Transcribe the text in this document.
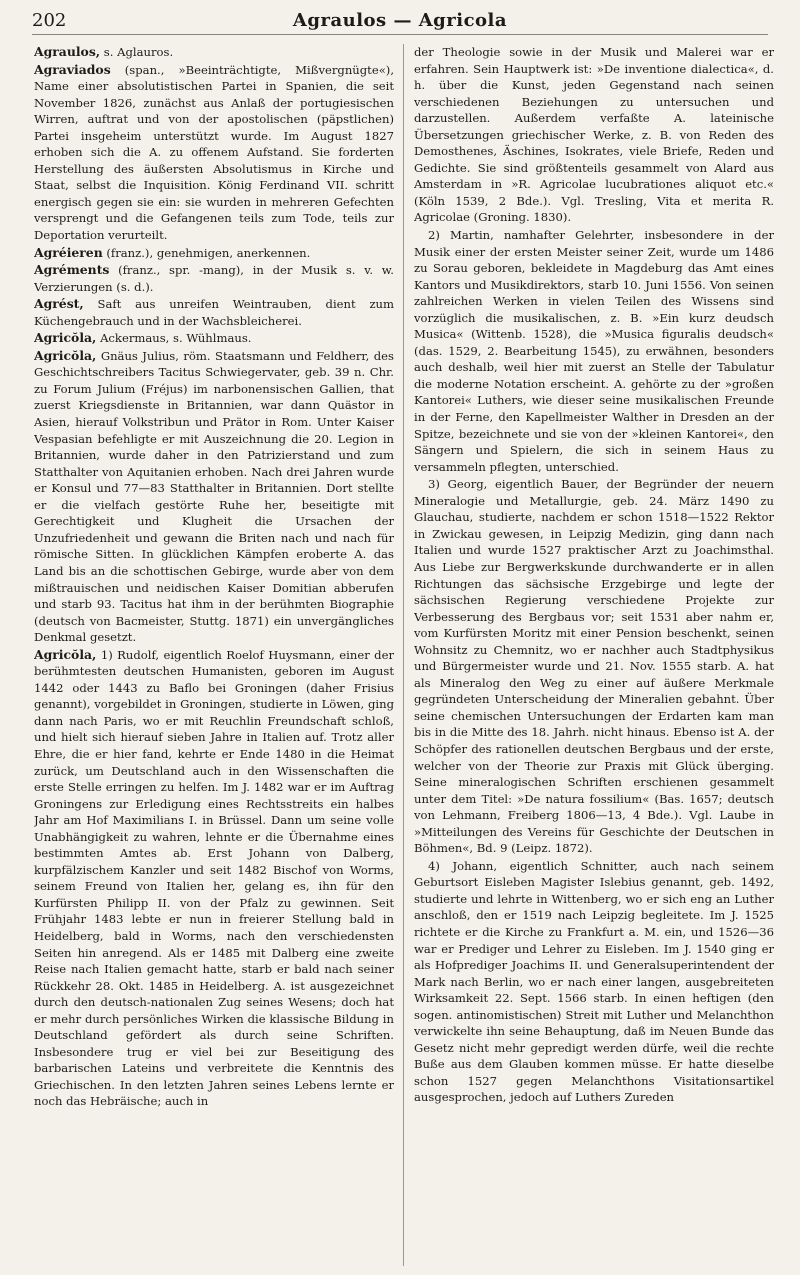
202	Agraulos — Agricola

Agraulos, s. Aglauros.

Agraviados (span., »Beeinträchtigte, Mißvergnügte«), Name einer absolutistischen Partei in Spanien, die seit November 1826, zunächst aus Anlaß der portugiesischen Wirren, auftrat und von der apostolischen (päpstlichen) Partei insgeheim unterstützt wurde. Im August 1827 erhoben sich die A. zu offenem Aufstand. Sie forderten Herstellung des äußersten Absolutismus in Kirche und Staat, selbst die Inquisition. König Ferdinand VII. schritt energisch gegen sie ein: sie wurden in mehreren Gefechten versprengt und die Gefangenen teils zum Tode, teils zur Deportation verurteilt.

Agréieren (franz.), genehmigen, anerkennen.

Agréments (franz., spr. -mang), in der Musik s. v. w. Verzierungen (s. d.).

Agrést, Saft aus unreifen Weintrauben, dient zum Küchengebrauch und in der Wachsbleicherei.

Agricŏla, Ackermaus, s. Wühlmaus.

Agricŏla, Gnäus Julius, röm. Staatsmann und Feldherr, des Geschichtschreibers Tacitus Schwiegervater, geb. 39 n. Chr. zu Forum Julium (Fréjus) im narbonensischen Gallien, that zuerst Kriegsdienste in Britannien, war dann Quästor in Asien, hierauf Volkstribun und Prätor in Rom. Unter Kaiser Vespasian befehligte er mit Auszeichnung die 20. Legion in Britannien, wurde daher in den Patrizierstand und zum Statthalter von Aquitanien erhoben. Nach drei Jahren wurde er Konsul und 77—83 Statthalter in Britannien. Dort stellte er die vielfach gestörte Ruhe her, beseitigte mit Gerechtigkeit und Klugheit die Ursachen der Unzufriedenheit und gewann die Briten nach und nach für römische Sitten. In glücklichen Kämpfen eroberte A. das Land bis an die schottischen Gebirge, wurde aber von dem mißtrauischen und neidischen Kaiser Domitian abberufen und starb 93. Tacitus hat ihm in der berühmten Biographie (deutsch von Bacmeister, Stuttg. 1871) ein unvergängliches Denkmal gesetzt.

Agricŏla, 1) Rudolf, eigentlich Roelof Huysmann, einer der berühmtesten deutschen Humanisten, geboren im August 1442 oder 1443 zu Baflo bei Groningen (daher Frisius genannt), vorgebildet in Groningen, studierte in Löwen, ging dann nach Paris, wo er mit Reuchlin Freundschaft schloß, und hielt sich hierauf sieben Jahre in Italien auf. Trotz aller Ehre, die er hier fand, kehrte er Ende 1480 in die Heimat zurück, um Deutschland auch in den Wissenschaften die erste Stelle erringen zu helfen. Im J. 1482 war er im Auftrag Groningens zur Erledigung eines Rechtsstreits ein halbes Jahr am Hof Maximilians I. in Brüssel. Dann um seine volle Unabhängigkeit zu wahren, lehnte er die Übernahme eines bestimmten Amtes ab. Erst Johann von Dalberg, kurpfälzischem Kanzler und seit 1482 Bischof von Worms, seinem Freund von Italien her, gelang es, ihn für den Kurfürsten Philipp II. von der Pfalz zu gewinnen. Seit Frühjahr 1483 lebte er nun in freierer Stellung bald in Heidelberg, bald in Worms, nach den verschiedensten Seiten hin anregend. Als er 1485 mit Dalberg eine zweite Reise nach Italien gemacht hatte, starb er bald nach seiner Rückkehr 28. Okt. 1485 in Heidelberg. A. ist ausgezeichnet durch den deutsch-nationalen Zug seines Wesens; doch hat er mehr durch persönliches Wirken die klassische Bildung in Deutschland gefördert als durch seine Schriften. Insbesondere trug er viel bei zur Beseitigung des barbarischen Lateins und verbreitete die Kenntnis des Griechischen. In den letzten Jahren seines Lebens lernte er noch das Hebräische; auch in

der Theologie sowie in der Musik und Malerei war er erfahren. Sein Hauptwerk ist: »De inventione dialectica«, d. h. über die Kunst, jeden Gegenstand nach seinen verschiedenen Beziehungen zu untersuchen und darzustellen. Außerdem verfaßte A. lateinische Übersetzungen griechischer Werke, z. B. von Reden des Demosthenes, Äschines, Isokrates, viele Briefe, Reden und Gedichte. Sie sind größtenteils gesammelt von Alard aus Amsterdam in »R. Agricolae lucubrationes aliquot etc.« (Köln 1539, 2 Bde.). Vgl. Tresling, Vita et merita R. Agricolae (Groning. 1830).

2) Martin, namhafter Gelehrter, insbesondere in der Musik einer der ersten Meister seiner Zeit, wurde um 1486 zu Sorau geboren, bekleidete in Magdeburg das Amt eines Kantors und Musikdirektors, starb 10. Juni 1556. Von seinen zahlreichen Werken in vielen Teilen des Wissens sind vorzüglich die musikalischen, z. B. »Ein kurz deudsch Musica« (Wittenb. 1528), die »Musica figuralis deudsch« (das. 1529, 2. Bearbeitung 1545), zu erwähnen, besonders auch deshalb, weil hier mit zuerst an Stelle der Tabulatur die moderne Notation erscheint. A. gehörte zu der »großen Kantorei« Luthers, wie dieser seine musikalischen Freunde in der Ferne, den Kapellmeister Walther in Dresden an der Spitze, bezeichnete und sie von der »kleinen Kantorei«, den Sängern und Spielern, die sich in seinem Haus zu versammeln pflegten, unterschied.

3) Georg, eigentlich Bauer, der Begründer der neuern Mineralogie und Metallurgie, geb. 24. März 1490 zu Glauchau, studierte, nachdem er schon 1518—1522 Rektor in Zwickau gewesen, in Leipzig Medizin, ging dann nach Italien und wurde 1527 praktischer Arzt zu Joachimsthal. Aus Liebe zur Bergwerkskunde durchwanderte er in allen Richtungen das sächsische Erzgebirge und legte der sächsischen Regierung verschiedene Projekte zur Verbesserung des Bergbaus vor; seit 1531 aber nahm er, vom Kurfürsten Moritz mit einer Pension beschenkt, seinen Wohnsitz zu Chemnitz, wo er nachher auch Stadtphysikus und Bürgermeister wurde und 21. Nov. 1555 starb. A. hat als Mineralog den Weg zu einer auf äußere Merkmale gegründeten Unterscheidung der Mineralien gebahnt. Über seine chemischen Untersuchungen der Erdarten kam man bis in die Mitte des 18. Jahrh. nicht hinaus. Ebenso ist A. der Schöpfer des rationellen deutschen Bergbaus und der erste, welcher von der Theorie zur Praxis mit Glück überging. Seine mineralogischen Schriften erschienen gesammelt unter dem Titel: »De natura fossilium« (Bas. 1657; deutsch von Lehmann, Freiberg 1806—13, 4 Bde.). Vgl. Laube in »Mitteilungen des Vereins für Geschichte der Deutschen in Böhmen«, Bd. 9 (Leipz. 1872).

4) Johann, eigentlich Schnitter, auch nach seinem Geburtsort Eisleben Magister Islebius genannt, geb. 1492, studierte und lehrte in Wittenberg, wo er sich eng an Luther anschloß, den er 1519 nach Leipzig begleitete. Im J. 1525 richtete er die Kirche zu Frankfurt a. M. ein, und 1526—36 war er Prediger und Lehrer zu Eisleben. Im J. 1540 ging er als Hofprediger Joachims II. und Generalsuperintendent der Mark nach Berlin, wo er nach einer langen, ausgebreiteten Wirksamkeit 22. Sept. 1566 starb. In einen heftigen (den sogen. antinomistischen) Streit mit Luther und Melanchthon verwickelte ihn seine Behauptung, daß im Neuen Bunde das Gesetz nicht mehr gepredigt werden dürfe, weil die rechte Buße aus dem Glauben kommen müsse. Er hatte dieselbe schon 1527 gegen Melanchthons Visitationsartikel ausgesprochen, jedoch auf Luthers Zureden
